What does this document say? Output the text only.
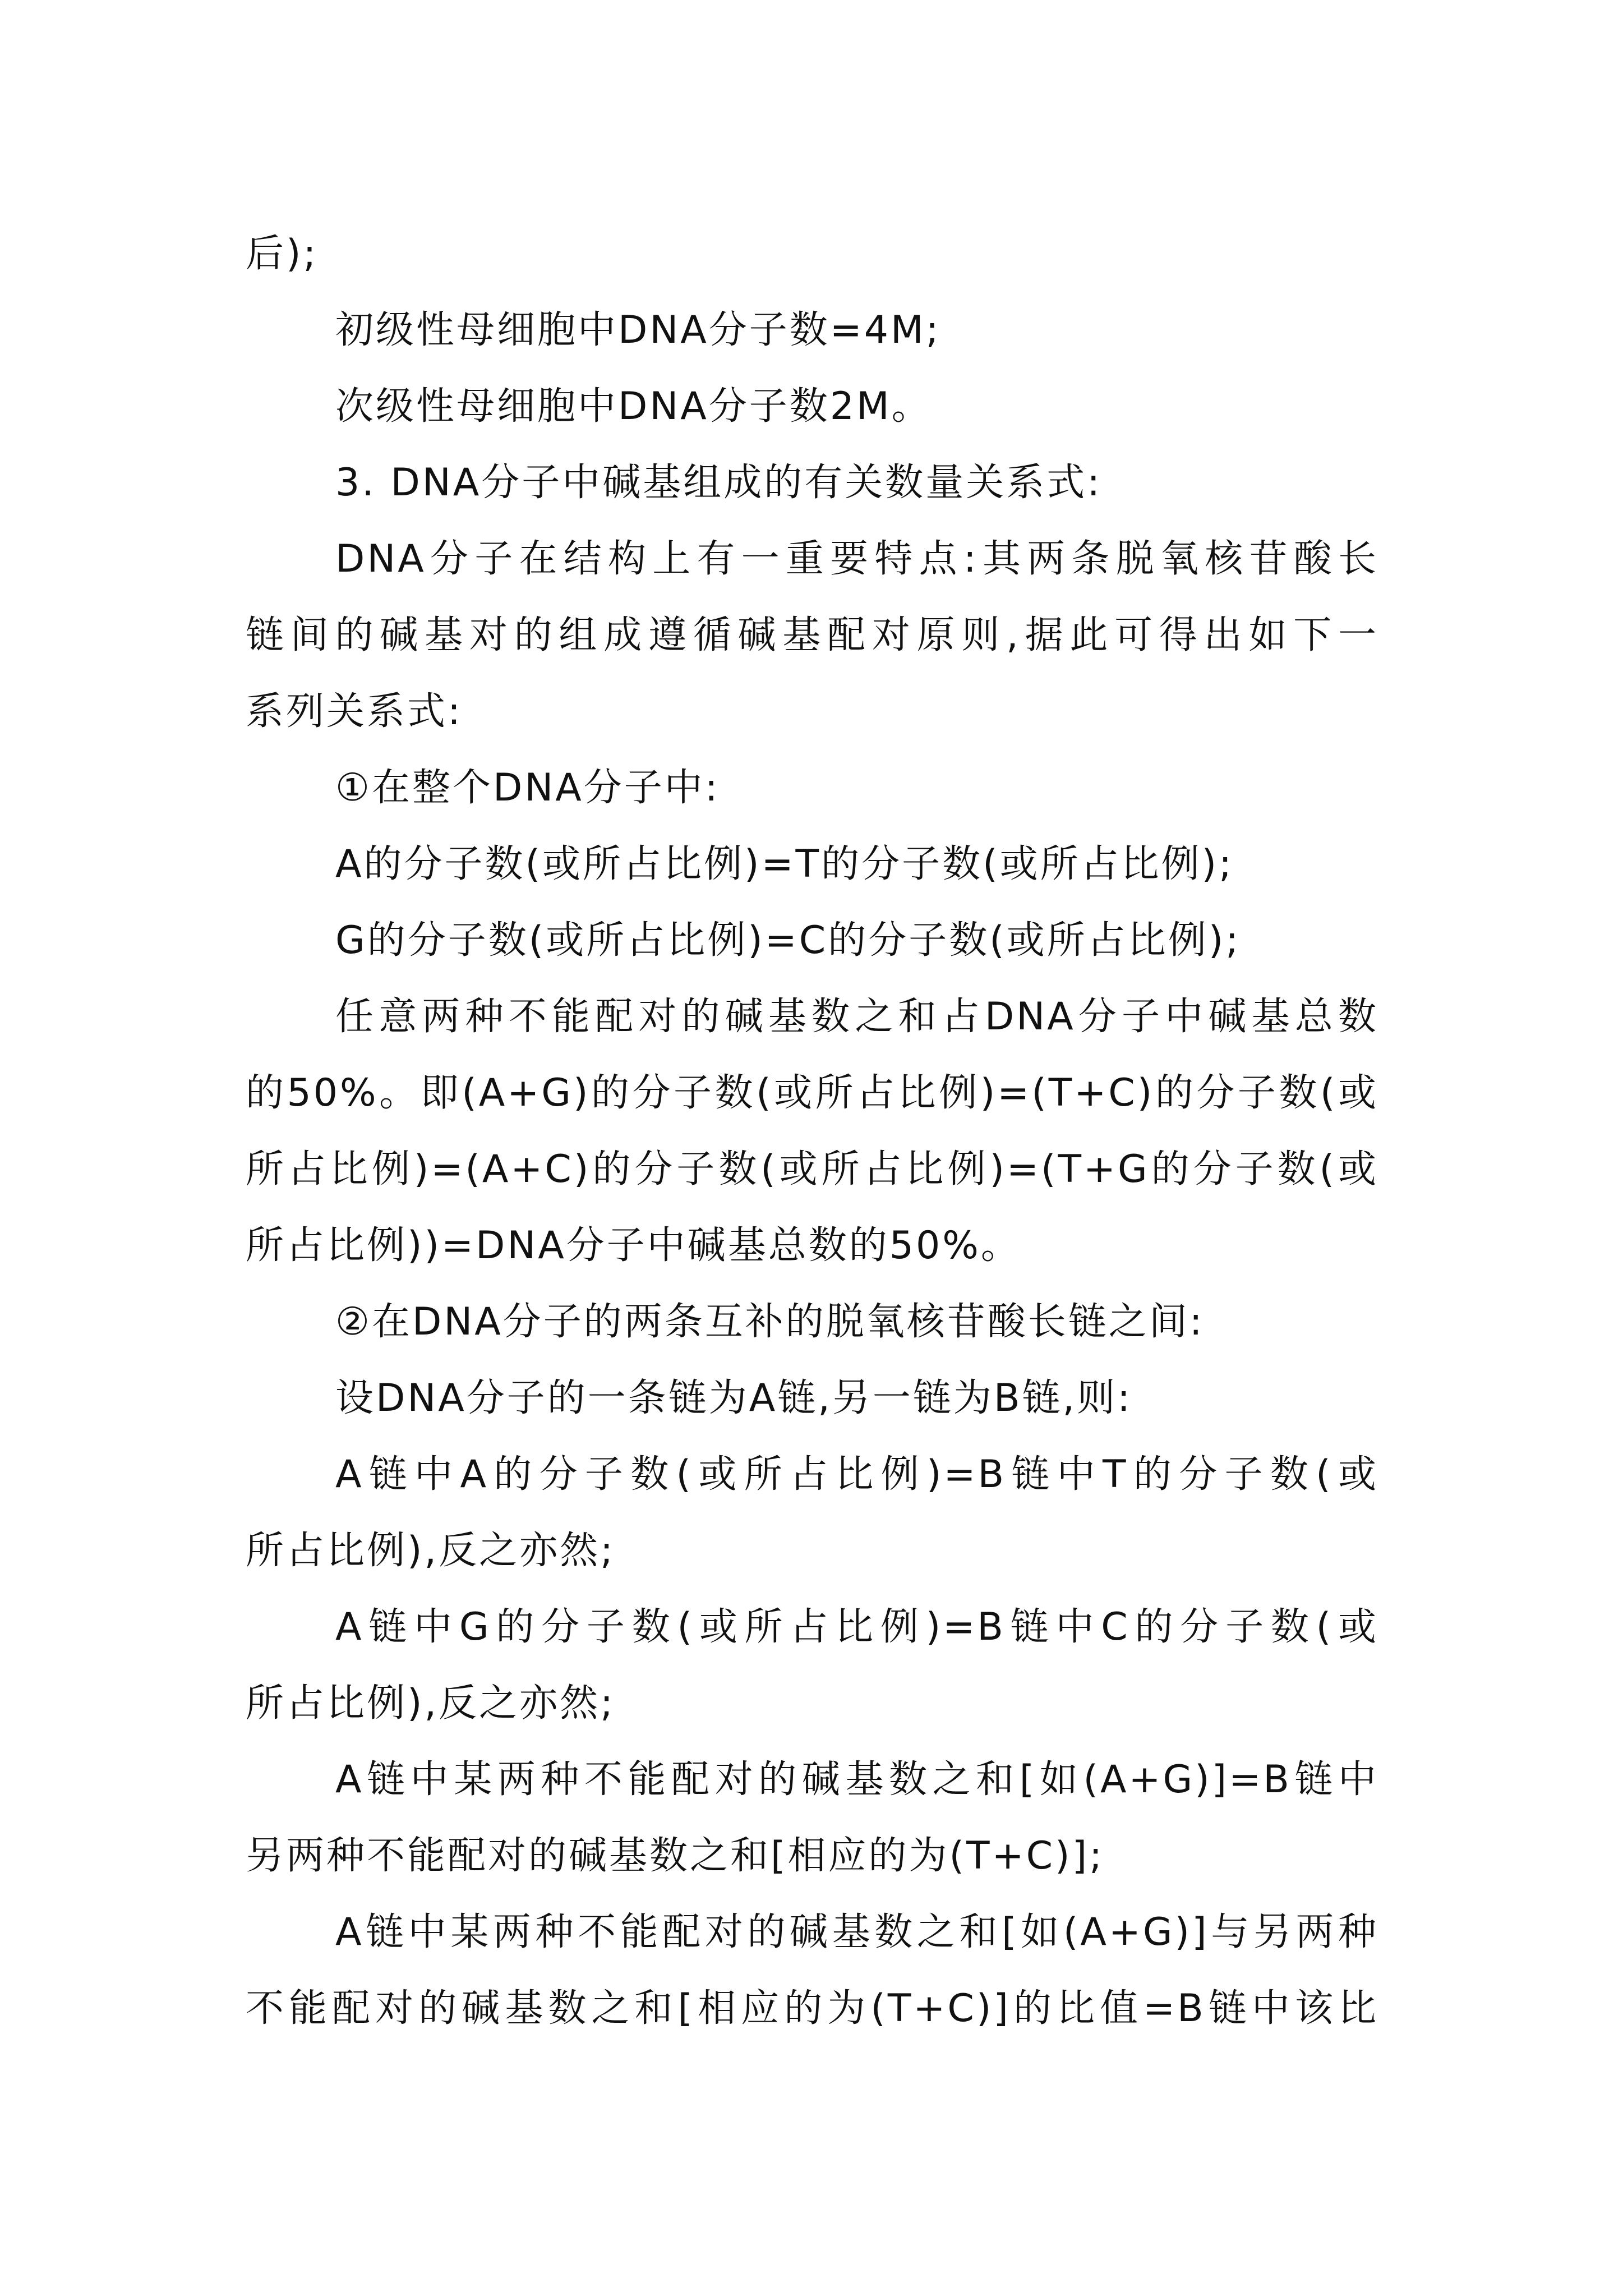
后);
初级性母细胞中DNA分子数=4M;
次级性母细胞中DNA分子数2M。
3. DNA分子中碱基组成的有关数量关系式:
DNA分子在结构上有一重要特点:其两条脱氧核苷酸长
链间的碱基对的组成遵循碱基配对原则,据此可得出如下一
系列关系式:
①在整个DNA分子中:
A的分子数(或所占比例)=T的分子数(或所占比例);
G的分子数(或所占比例)=C的分子数(或所占比例);
任意两种不能配对的碱基数之和占DNA分子中碱基总数
的50%。即(A+G)的分子数(或所占比例)=(T+C)的分子数(或
所占比例)=(A+C)的分子数(或所占比例)=(T+G的分子数(或
所占比例))=DNA分子中碱基总数的50%。
②在DNA分子的两条互补的脱氧核苷酸长链之间:
设DNA分子的一条链为A链,另一链为B链,则:
A链中A的分子数(或所占比例)=B链中T的分子数(或
所占比例),反之亦然;
A链中G的分子数(或所占比例)=B链中C的分子数(或
所占比例),反之亦然;
A链中某两种不能配对的碱基数之和[如(A+G)]=B链中
另两种不能配对的碱基数之和[相应的为(T+C)];
A链中某两种不能配对的碱基数之和[如(A+G)]与另两种
不能配对的碱基数之和[相应的为(T+C)]的比值=B链中该比
